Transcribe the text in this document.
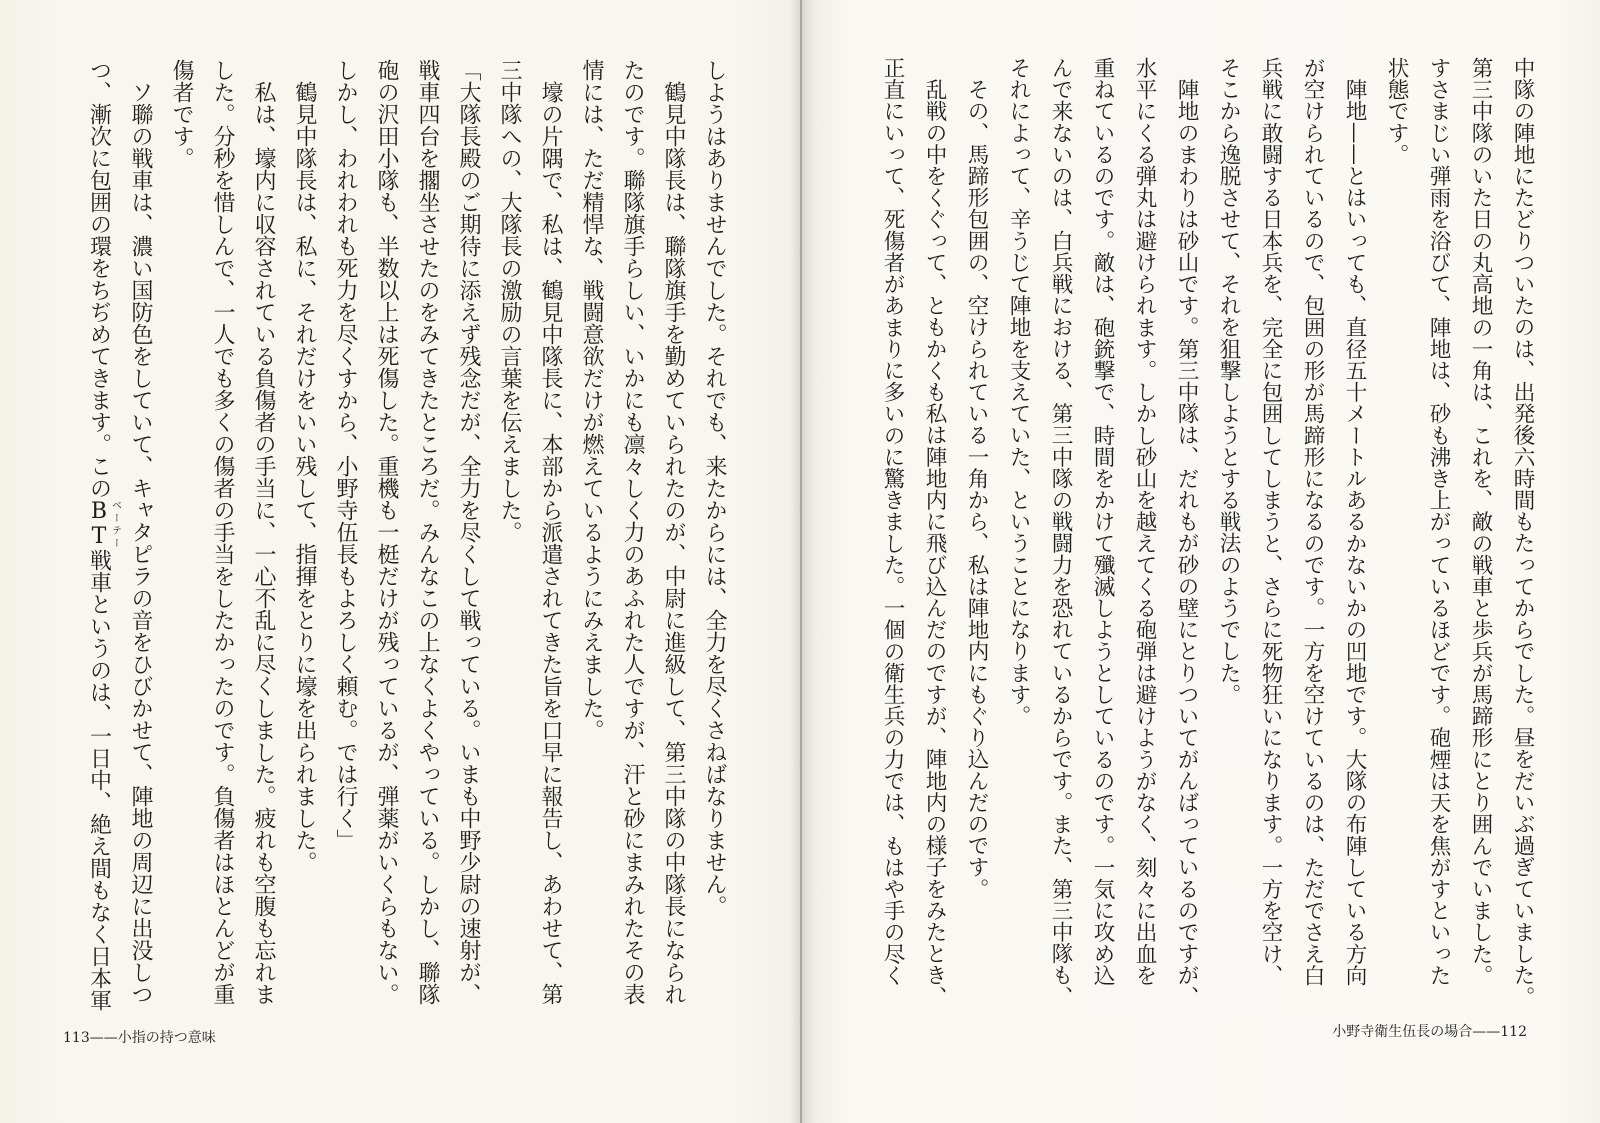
中隊の陣地にたどりついたのは、出発後六時間もたってからでした。昼をだいぶ過ぎていました。
第三中隊のいた日の丸高地の一角は、これを、敵の戦車と歩兵が馬蹄形にとり囲んでいました。
すさまじい弾雨を浴びて、陣地は、砂も沸き上がっているほどです。砲煙は天を焦がすといった
状態です。
　陣地——とはいっても、直径五十メートルあるかないかの凹地です。大隊の布陣している方向
が空けられているので、包囲の形が馬蹄形になるのです。一方を空けているのは、ただでさえ白
兵戦に敢闘する日本兵を、完全に包囲してしまうと、さらに死物狂いになります。一方を空け、
そこから逸脱させて、それを狙撃しようとする戦法のようでした。
　陣地のまわりは砂山です。第三中隊は、だれもが砂の壁にとりついてがんばっているのですが、
水平にくる弾丸は避けられます。しかし砂山を越えてくる砲弾は避けようがなく、刻々に出血を
重ねているのです。敵は、砲銃撃で、時間をかけて殲滅しようとしているのです。一気に攻め込
んで来ないのは、白兵戦における、第三中隊の戦闘力を恐れているからです。また、第三中隊も、
それによって、辛うじて陣地を支えていた、ということになります。
　その、馬蹄形包囲の、空けられている一角から、私は陣地内にもぐり込んだのです。
　乱戦の中をくぐって、ともかくも私は陣地内に飛び込んだのですが、陣地内の様子をみたとき、
正直にいって、死傷者があまりに多いのに驚きました。一個の衛生兵の力では、もはや手の尽く
小野寺衛生伍長の場合——112
しようはありませんでした。それでも、来たからには、全力を尽くさねばなりません。
　鶴見中隊長は、聯隊旗手を勤めていられたのが、中尉に進級して、第三中隊の中隊長になられ
たのです。聯隊旗手らしい、いかにも凛々しく力のあふれた人ですが、汗と砂にまみれたその表
情には、ただ精悍な、戦闘意欲だけが燃えているようにみえました。
　壕の片隅で、私は、鶴見中隊長に、本部から派遣されてきた旨を口早に報告し、あわせて、第
三中隊への、大隊長の激励の言葉を伝えました。
「大隊長殿のご期待に添えず残念だが、全力を尽くして戦っている。いまも中野少尉の速射が、
戦車四台を擱坐させたのをみてきたところだ。みんなこの上なくよくやっている。しかし、聯隊
砲の沢田小隊も、半数以上は死傷した。重機も一梃だけが残っているが、弾薬がいくらもない。
しかし、われわれも死力を尽くすから、小野寺伍長もよろしく頼む。では行く」
　鶴見中隊長は、私に、それだけをいい残して、指揮をとりに壕を出られました。
　私は、壕内に収容されている負傷者の手当に、一心不乱に尽くしました。疲れも空腹も忘れま
した。分秒を惜しんで、一人でも多くの傷者の手当をしたかったのです。負傷者はほとんどが重
傷者です。
　ソ聯の戦車は、濃い国防色をしていて、キャタピラの音をひびかせて、陣地の周辺に出没しつ
つ、漸次に包囲の環をちぢめてきます。このBTベーテー戦車というのは、一日中、絶え間もなく日本軍
113——小指の持つ意味
